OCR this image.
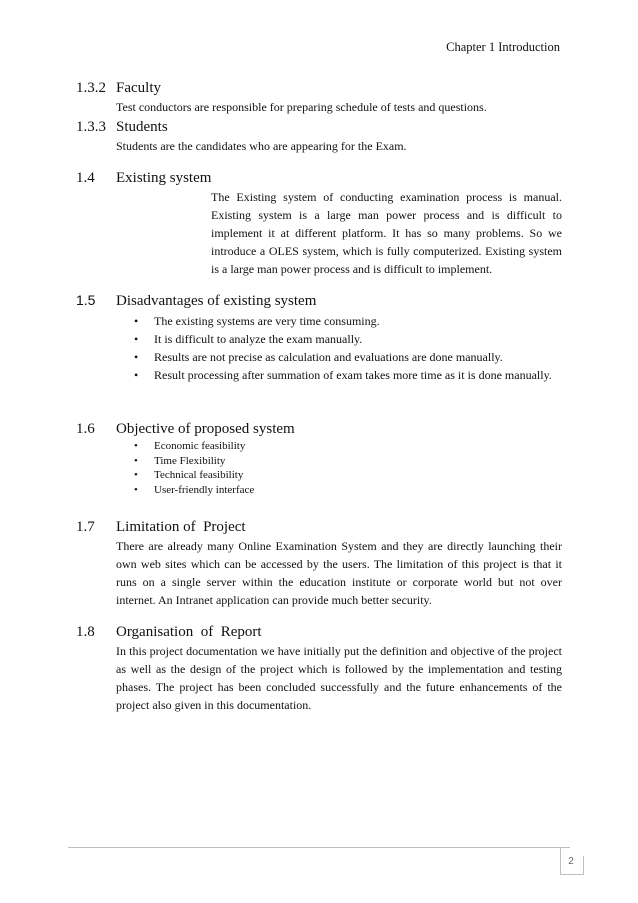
Chapter 1 Introduction
1.3.2 Faculty

Test conductors are responsible for preparing schedule of tests and questions.

1.3.3 Students

Students are the candidates who are appearing for the Exam.

1.4 Existing system

The Existing system of conducting examination process is manual. Existing system is a large man power process and is difficult to implement it at different platform. It has so many problems. So we introduce a OLES system, which is fully computerized. Existing system is a large man power process and is difficult to implement.

1.5 Disadvantages of existing system
• The existing systems are very time consuming.
• It is difficult to analyze the exam manually.
• Results are not precise as calculation and evaluations are done manually.
• Result processing after summation of exam takes more time as it is done manually.
1.6 Objective of proposed system
• Economic feasibility
• Time Flexibility
• Technical feasibility
• User-friendly interface
1.7 Limitation of  Project

There are already many Online Examination System and they are directly launching their own web sites which can be accessed by the users. The limitation of this project is that it runs on a single server within the education institute or corporate world but not over internet. An Intranet application can provide much better security.

1.8 Organisation  of  Report

In this project documentation we have initially put the definition and objective of the project as well as the design of the project which is followed by the implementation and testing phases. The project has been concluded successfully and the future enhancements of the project also given in this documentation.

2
